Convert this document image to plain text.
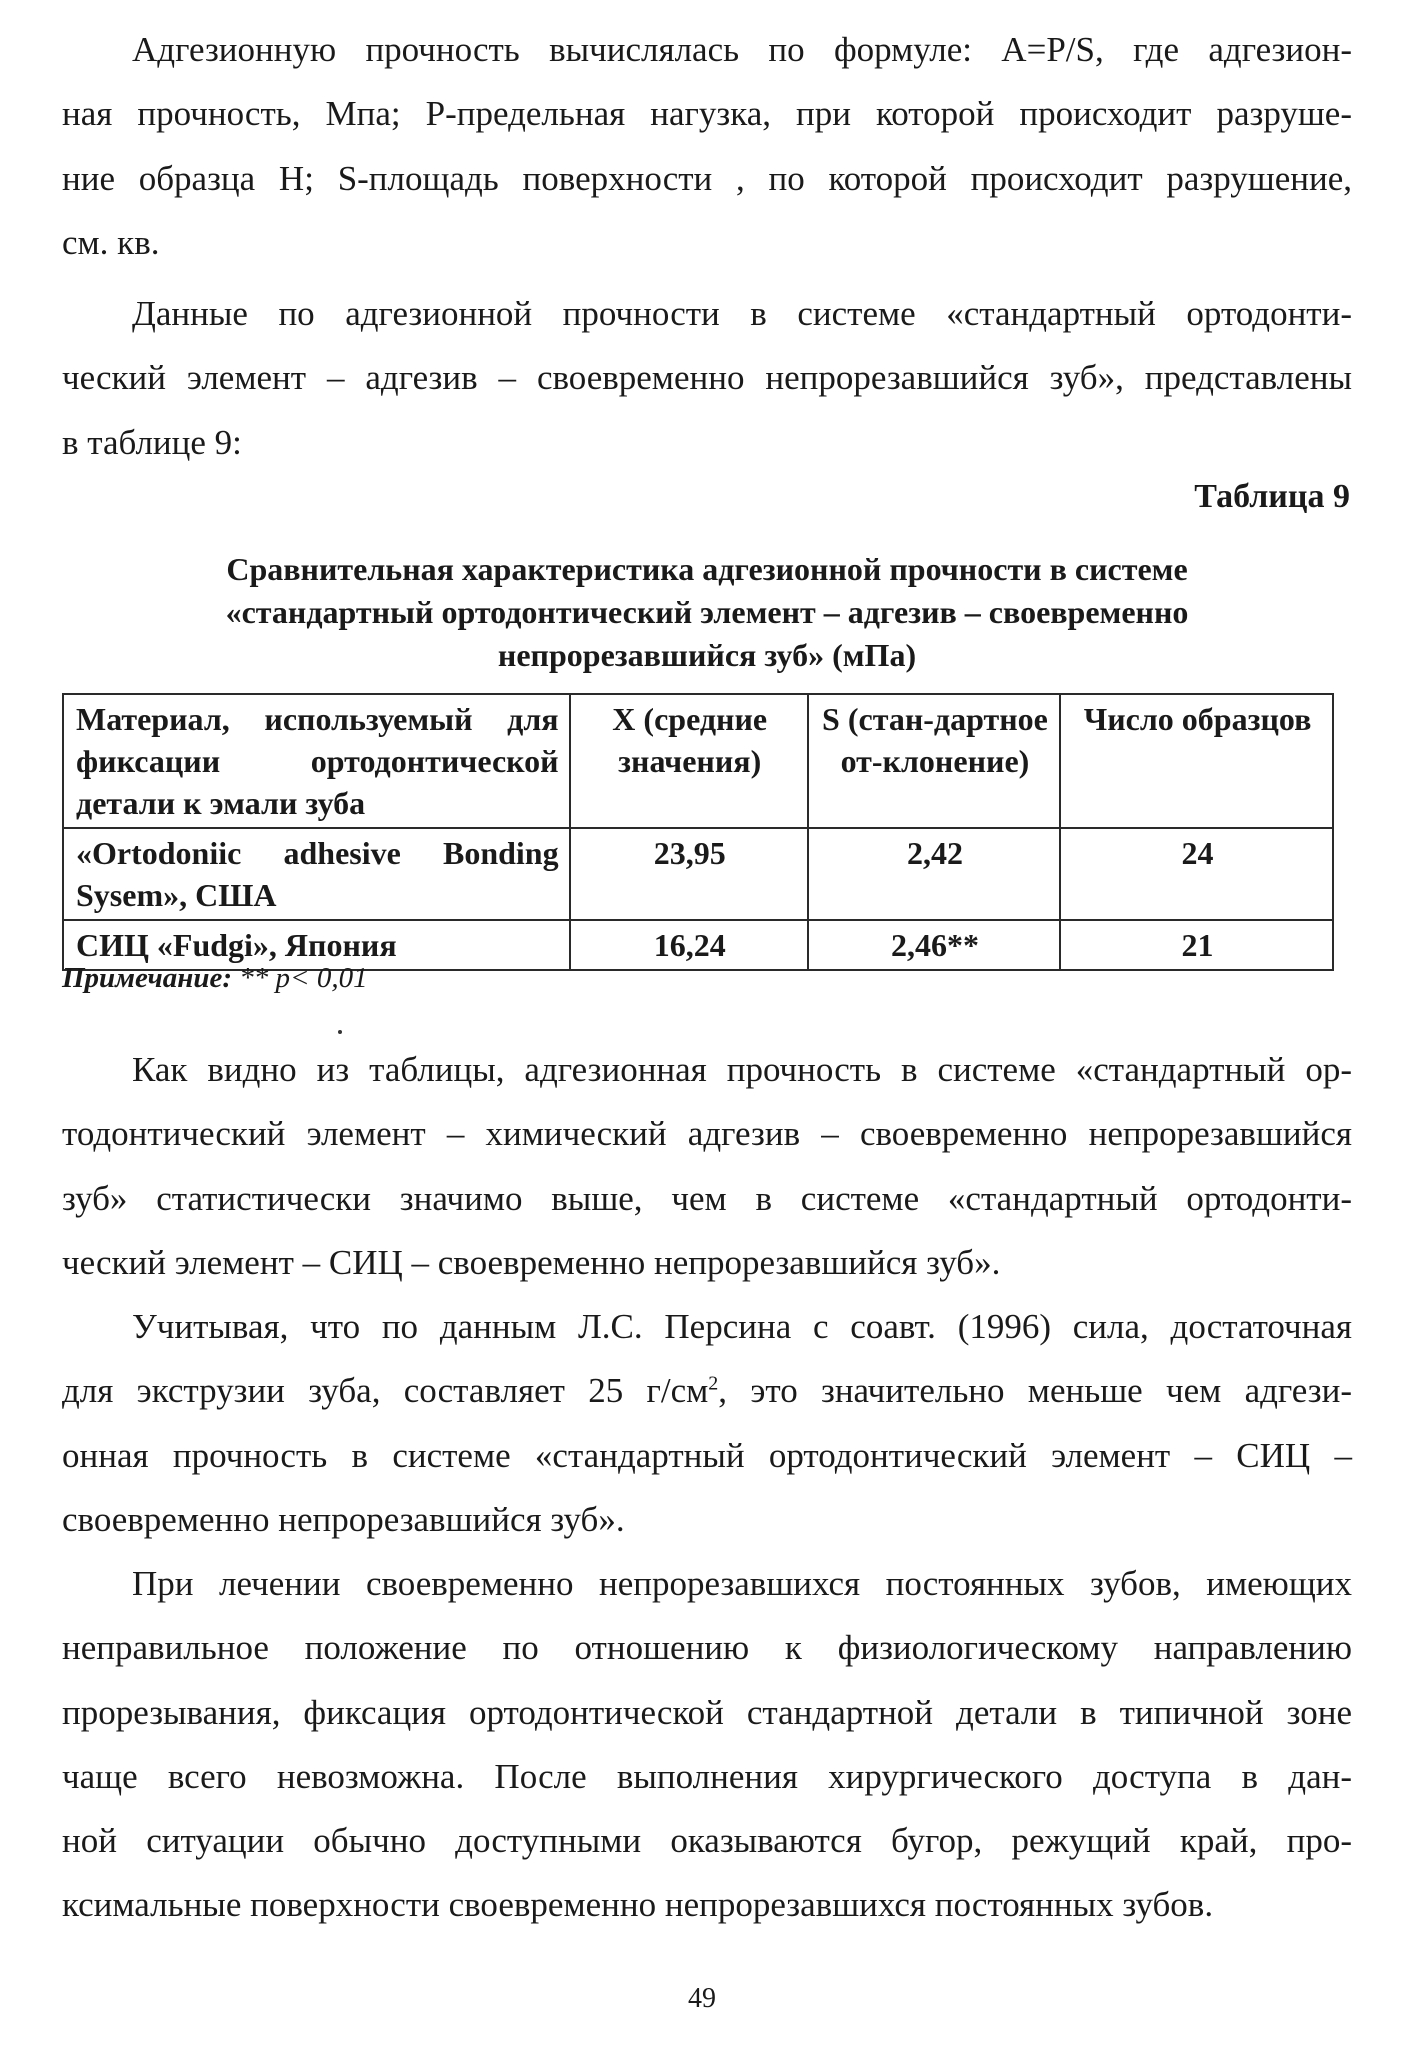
Адгезионную прочность вычислялась по формуле: A=P/S, где адгезион-
ная прочность, Мпа; P-предельная нагузка, при которой происходит разруше-
ние образца Н; S-площадь поверхности , по которой происходит разрушение,
см. кв.
Данные по адгезионной прочности в системе «стандартный ортодонти-
ческий элемент – адгезив – своевременно непрорезавшийся зуб», представлены
в таблице 9:
Таблица 9
Сравнительная характеристика адгезионной прочности в системе
«стандартный ортодонтический элемент – адгезив – своевременно
непрорезавшийся зуб» (мПа)
Материал, используемый для фиксации ортодонтической детали к эмали зуба	X (средние значения)	S (стан-дартное от-клонение)	Число образцов
«Ortodoniic adhesive Bonding Sysem», США	23,95	2,42	24
СИЦ «Fudgi», Япония	16,24	2,46**	21
Примечание: ** p< 0,01
Как видно из таблицы, адгезионная прочность в системе «стандартный ор-
тодонтический элемент – химический адгезив – своевременно непрорезавшийся
зуб» статистически значимо выше, чем в системе «стандартный ортодонти-
ческий элемент – СИЦ – своевременно непрорезавшийся зуб».
Учитывая, что по данным Л.С. Персина с соавт. (1996) сила, достаточная
для экструзии зуба, составляет 25 $г/см^2$, это значительно меньше чем адгези-
онная прочность в системе «стандартный ортодонтический элемент – СИЦ –
своевременно непрорезавшийся зуб».
При лечении своевременно непрорезавшихся постоянных зубов, имеющих
неправильное положение по отношению к физиологическому направлению
прорезывания, фиксация ортодонтической стандартной детали в типичной зоне
чаще всего невозможна. После выполнения хирургического доступа в дан-
ной ситуации обычно доступными оказываются бугор, режущий край, про-
ксимальные поверхности своевременно непрорезавшихся постоянных зубов.
49
